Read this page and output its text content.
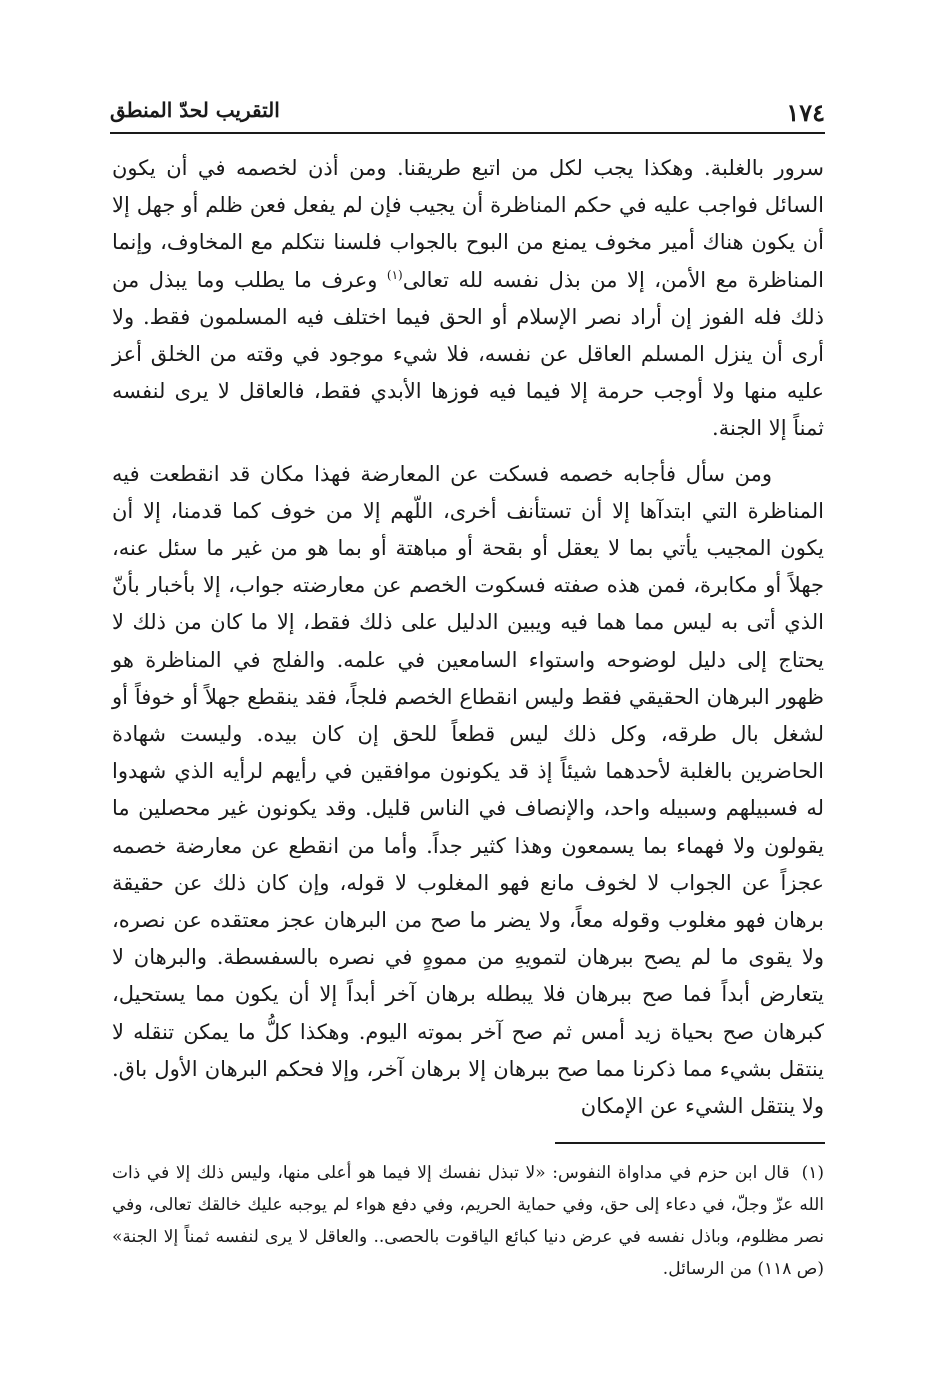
١٧٤
التقريب لحدّ المنطق

سرور بالغلبة. وهكذا يجب لكل من اتبع طريقنا. ومن أذن لخصمه في أن يكون السائل فواجب عليه في حكم المناظرة أن يجيب فإن لم يفعل فعن ظلم أو جهل إلا أن يكون هناك أمير مخوف يمنع من البوح بالجواب فلسنا نتكلم مع المخاوف، وإنما المناظرة مع الأمن، إلا من بذل نفسه لله تعالى$^{(١)}$ وعرف ما يطلب وما يبذل من ذلك فله الفوز إن أراد نصر الإسلام أو الحق فيما اختلف فيه المسلمون فقط. ولا أرى أن ينزل المسلم العاقل عن نفسه، فلا شيء موجود في وقته من الخلق أعز عليه منها ولا أوجب حرمة إلا فيما فيه فوزها الأبدي فقط، فالعاقل لا يرى لنفسه ثمناً إلا الجنة.

ومن سأل فأجابه خصمه فسكت عن المعارضة فهذا مكان قد انقطعت فيه المناظرة التي ابتدآها إلا أن تستأنف أخرى، اللّهم إلا من خوف كما قدمنا، إلا أن يكون المجيب يأتي بما لا يعقل أو بقحة أو مباهتة أو بما هو من غير ما سئل عنه، جهلاً أو مكابرة، فمن هذه صفته فسكوت الخصم عن معارضته جواب، إلا بأخبار بأنّ الذي أتى به ليس مما هما فيه ويبين الدليل على ذلك فقط، إلا ما كان من ذلك لا يحتاج إلى دليل لوضوحه واستواء السامعين في علمه. والفلج في المناظرة هو ظهور البرهان الحقيقي فقط وليس انقطاع الخصم فلجاً، فقد ينقطع جهلاً أو خوفاً أو لشغل بال طرقه، وكل ذلك ليس قطعاً للحق إن كان بيده. وليست شهادة الحاضرين بالغلبة لأحدهما شيئاً إذ قد يكونون موافقين في رأيهم لرأيه الذي شهدوا له فسبيلهم وسبيله واحد، والإنصاف في الناس قليل. وقد يكونون غير محصلين ما يقولون ولا فهماء بما يسمعون وهذا كثير جداً. وأما من انقطع عن معارضة خصمه عجزاً عن الجواب لا لخوف مانع فهو المغلوب لا قوله، وإن كان ذلك عن حقيقة برهان فهو مغلوب وقوله معاً، ولا يضر ما صح من البرهان عجز معتقده عن نصره، ولا يقوى ما لم يصح ببرهان لتمويهِ من مموهٍ في نصره بالسفسطة. والبرهان لا يتعارض أبداً فما صح ببرهان فلا يبطله برهان آخر أبداً إلا أن يكون مما يستحيل، كبرهان صح بحياة زيد أمس ثم صح آخر بموته اليوم. وهكذا كلُّ ما يمكن تنقله لا ينتقل بشيء مما ذكرنا مما صح ببرهان إلا برهان آخر، وإلا فحكم البرهان الأول باق. ولا ينتقل الشيء عن الإمكان

(١)قال ابن حزم في مداواة النفوس: «لا تبذل نفسك إلا فيما هو أعلى منها، وليس ذلك إلا في ذات الله عزّ وجلّ، في دعاء إلى حق، وفي حماية الحريم، وفي دفع هواء لم يوجبه عليك خالقك تعالى، وفي نصر مظلوم، وباذل نفسه في عرض دنيا كبائع الياقوت بالحصى.. والعاقل لا يرى لنفسه ثمناً إلا الجنة» (ص ١١٨) من الرسائل.
